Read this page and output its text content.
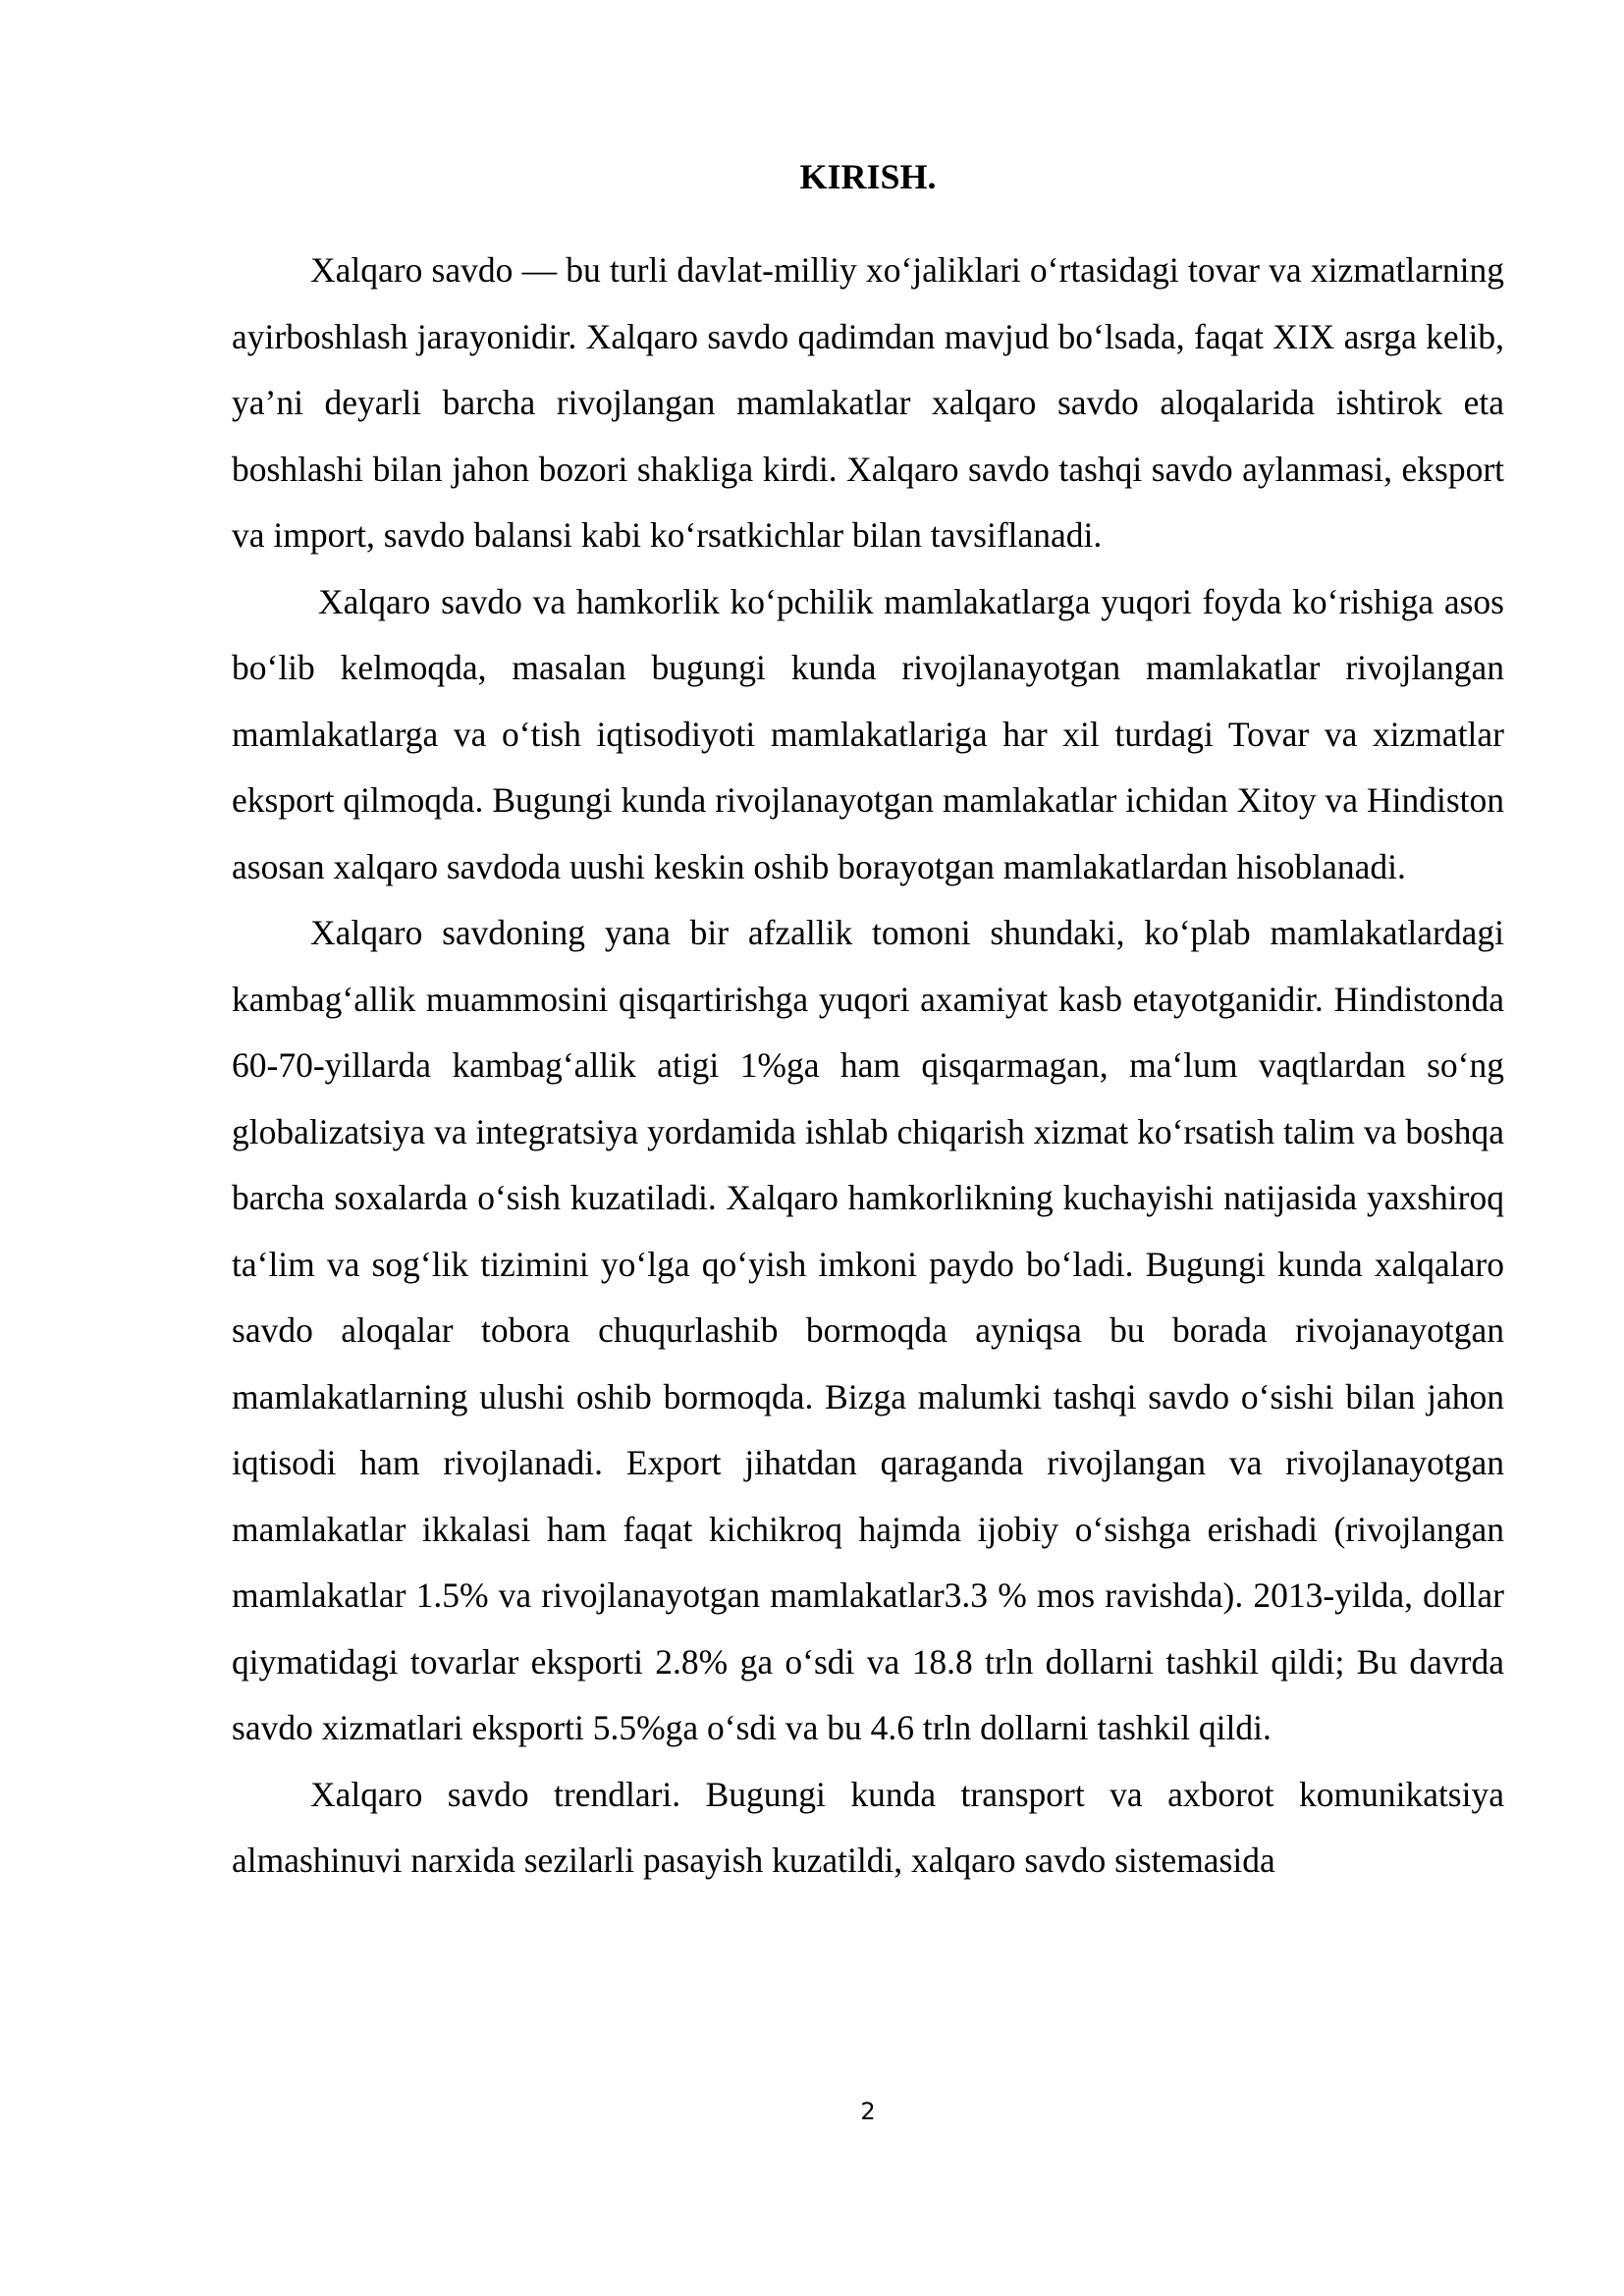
KIRISH.

Xalqaro savdo — bu turli davlat-milliy xo‘jaliklari o‘rtasidagi tovar va xizmatlarning ayirboshlash jarayonidir. Xalqaro savdo qadimdan mavjud bo‘lsada, faqat XIX asrga kelib, ya’ni deyarli barcha rivojlangan mamlakatlar xalqaro savdo aloqalarida ishtirok eta boshlashi bilan jahon bozori shakliga kirdi. Xalqaro savdo tashqi savdo aylanmasi, eksport va import, savdo balansi kabi ko‘rsatkichlar bilan tavsiflanadi.

Xalqaro savdo va hamkorlik ko‘pchilik mamlakatlarga yuqori foyda ko‘rishiga asos bo‘lib kelmoqda, masalan bugungi kunda rivojlanayotgan mamlakatlar rivojlangan mamlakatlarga va o‘tish iqtisodiyoti mamlakatlariga har xil turdagi Tovar va xizmatlar eksport qilmoqda. Bugungi kunda rivojlanayotgan mamlakatlar ichidan Xitoy va Hindiston asosan xalqaro savdoda uushi keskin oshib borayotgan mamlakatlardan hisoblanadi.

Xalqaro savdoning yana bir afzallik tomoni shundaki, ko‘plab mamlakatlardagi kambag‘allik muammosini qisqartirishga yuqori axamiyat kasb etayotganidir. Hindistonda 60-70-yillarda kambag‘allik atigi 1%ga ham qisqarmagan, ma‘lum vaqtlardan so‘ng globalizatsiya va integratsiya yordamida ishlab chiqarish xizmat ko‘rsatish talim va boshqa barcha soxalarda o‘sish kuzatiladi. Xalqaro hamkorlikning kuchayishi natijasida yaxshiroq ta‘lim va sog‘lik tizimini yo‘lga qo‘yish imkoni paydo bo‘ladi. Bugungi kunda xalqalaro savdo aloqalar tobora chuqurlashib bormoqda ayniqsa bu borada rivojanayotgan mamlakatlarning ulushi oshib bormoqda. Bizga malumki tashqi savdo o‘sishi bilan jahon iqtisodi ham rivojlanadi. Export jihatdan qaraganda rivojlangan va rivojlanayotgan mamlakatlar ikkalasi ham faqat kichikroq hajmda ijobiy o‘sishga erishadi (rivojlangan mamlakatlar 1.5% va rivojlanayotgan mamlakatlar3.3 % mos ravishda). 2013-yilda, dollar qiymatidagi tovarlar eksporti 2.8% ga o‘sdi va 18.8 trln dollarni tashkil qildi; Bu davrda savdo xizmatlari eksporti 5.5%ga o‘sdi va bu 4.6 trln dollarni tashkil qildi.

Xalqaro savdo trendlari. Bugungi kunda transport va axborot komunikatsiya almashinuvi narxida sezilarli pasayish kuzatildi, xalqaro savdo sistemasida

2
